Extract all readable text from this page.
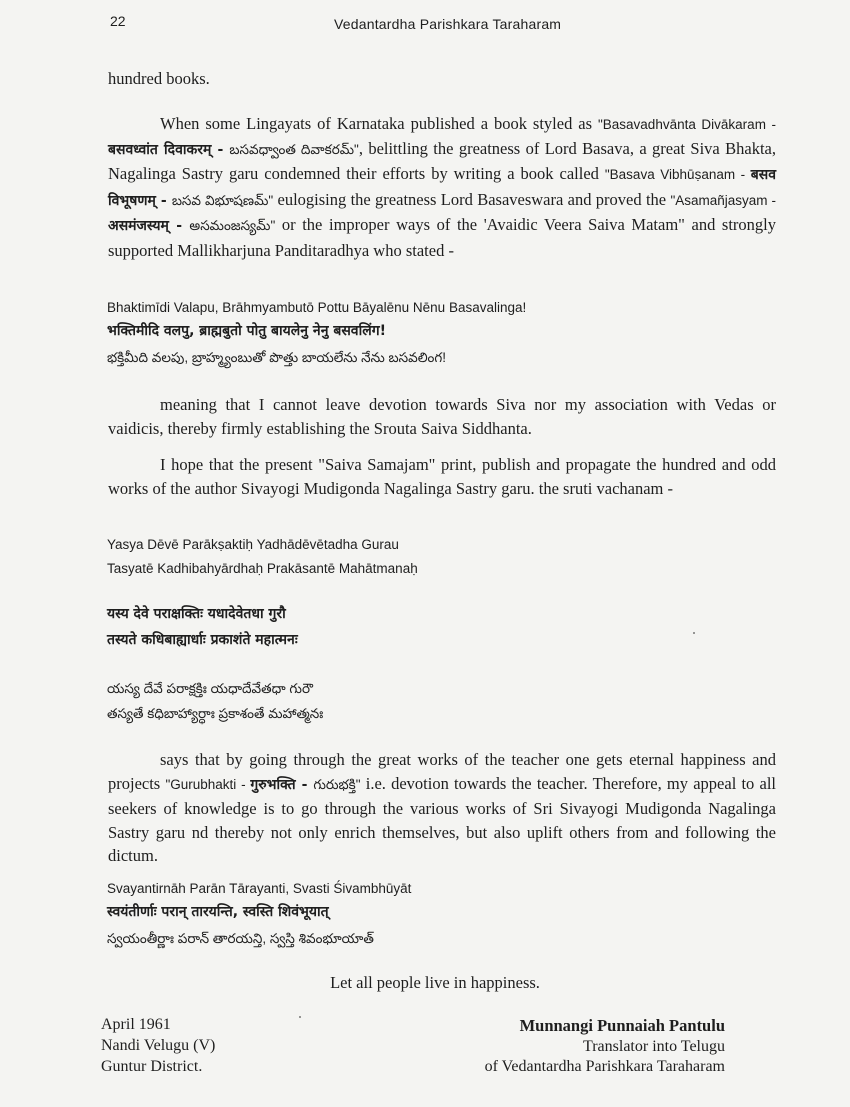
22	Vedantardha Parishkara Taraharam
hundred books.
When some Lingayats of Karnataka published a book styled as "Basavadhvānta Divākaram - बसवध्वांत दिवाकरम् - బసవధ్వాంత దివాకరమ్", belittling the greatness of Lord Basava, a great Siva Bhakta, Nagalinga Sastry garu condemned their efforts by writing a book called "Basava Vibhūṣanam - बसव विभूषणम् - బసవ విభూషణమ్" eulogising the greatness Lord Basaveswara and proved the "Asamañjasyam - असमंजस्यम् - అసమంజస్యమ్" or the improper ways of the 'Avaidic Veera Saiva Matam" and strongly supported Mallikharjuna Panditaradhya who stated -
Bhaktimīdi Valapu, Brāhmyambutō Pottu Bāyalēnu Nēnu Basavalinga!
भक्तिमीदि वलपु, ब्राह्मबुतो पोतु बायलेनु नेनु बसवलिंग!
భక్తిమీది వలపు, బ్రాహ్మ్యంబుతో పొత్తు బాయలేను నేను బసవలింగ!
meaning that I cannot leave devotion towards Siva nor my association with Vedas or vaidicis, thereby firmly establishing the Srouta Saiva Siddhanta.
I hope that the present "Saiva Samajam" print, publish and propagate the hundred and odd works of the author Sivayogi Mudigonda Nagalinga Sastry garu. the sruti vachanam -
Yasya Dēvē Parākṣaktiḥ Yadhādēvētadha Gurau
Tasyatē Kadhibahyārdhaḥ Prakāsantē Mahātmanaḥ
यस्य देवे पराक्षक्तिः यधादेवेतधा गुरौ
तस्यते कधिबाह्यार्धाः प्रकाशंते महात्मनः
యస్య దేవే పరాక్షక్తిః యధాదేవేతధా గురౌ
తస్యతే కధిబాహ్యార్ధాః ప్రకాశంతే మహాత్మనః
says that by going through the great works of the teacher one gets eternal happiness and projects "Gurubhakti - गुरुभक्ति - గురుభక్తి" i.e. devotion towards the teacher. Therefore, my appeal to all seekers of knowledge is to go through the various works of Sri Sivayogi Mudigonda Nagalinga Sastry garu nd thereby not only enrich themselves, but also uplift others from and following the dictum.
Svayantirnāh Parān Tārayanti, Svasti Śivambhūyāt
स्वयंतीर्णाः परान् तारयन्ति, स्वस्ति शिवंभूयात्
స్వయంతీర్ణాః పరాన్ తారయన్తి, స్వస్తి శివంభూయాత్
Let all people live in happiness.
April 1961
Nandi Velugu (V)
Guntur District.
Munnangi Punnaiah Pantulu
Translator into Telugu
of Vedantardha Parishkara Taraharam
